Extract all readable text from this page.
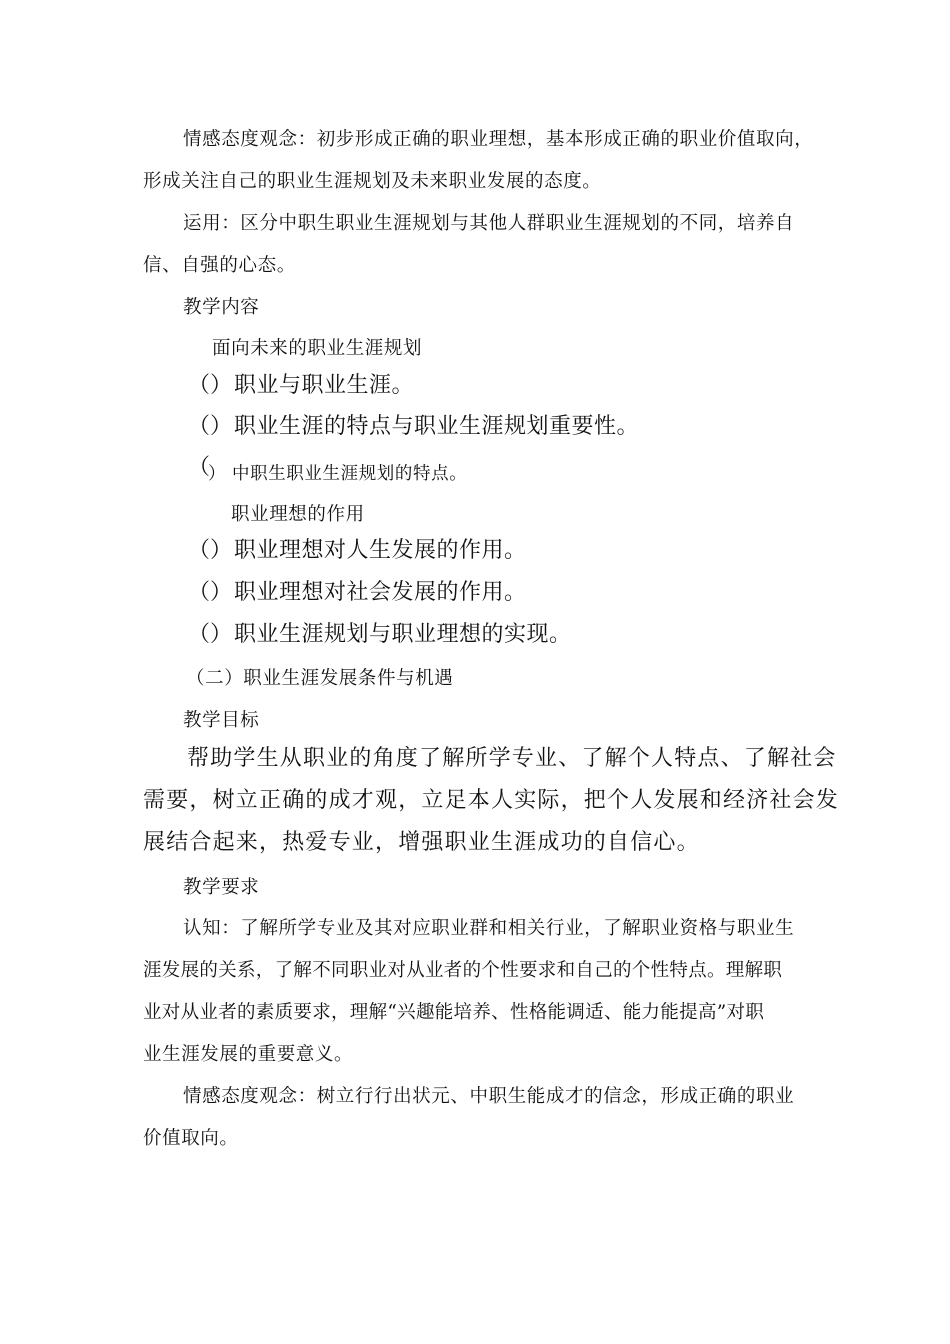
情感态度观念：初步形成正确的职业理想，基本形成正确的职业价值取向，

形成关注自己的职业生涯规划及未来职业发展的态度。

运用：区分中职生职业生涯规划与其他人群职业生涯规划的不同，培养自

信、自强的心态。

教学内容

面向未来的职业生涯规划

（ ） 职业与职业生涯。
（ ） 职业生涯的特点与职业生涯规划重要性。
（
） 中职生职业生涯规划的特点。

职业理想的作用

（ ） 职业理想对人生发展的作用。
（ ） 职业理想对社会发展的作用。
（ ） 职业生涯规划与职业理想的实现。

（二）职业生涯发展条件与机遇

教学目标

帮助学生从职业的角度了解所学专业、了解个人特点、了解社会

需要，树立正确的成才观，立足本人实际，把个人发展和经济社会发

展结合起来，热爱专业，增强职业生涯成功的自信心。

教学要求

认知：了解所学专业及其对应职业群和相关行业，了解职业资格与职业生

涯发展的关系，了解不同职业对从业者的个性要求和自己的个性特点。理解职

业对从业者的素质要求，理解“兴趣能培养、性格能调适、能力能提高”对职

业生涯发展的重要意义。

情感态度观念：树立行行出状元、中职生能成才的信念，形成正确的职业

价值取向。
